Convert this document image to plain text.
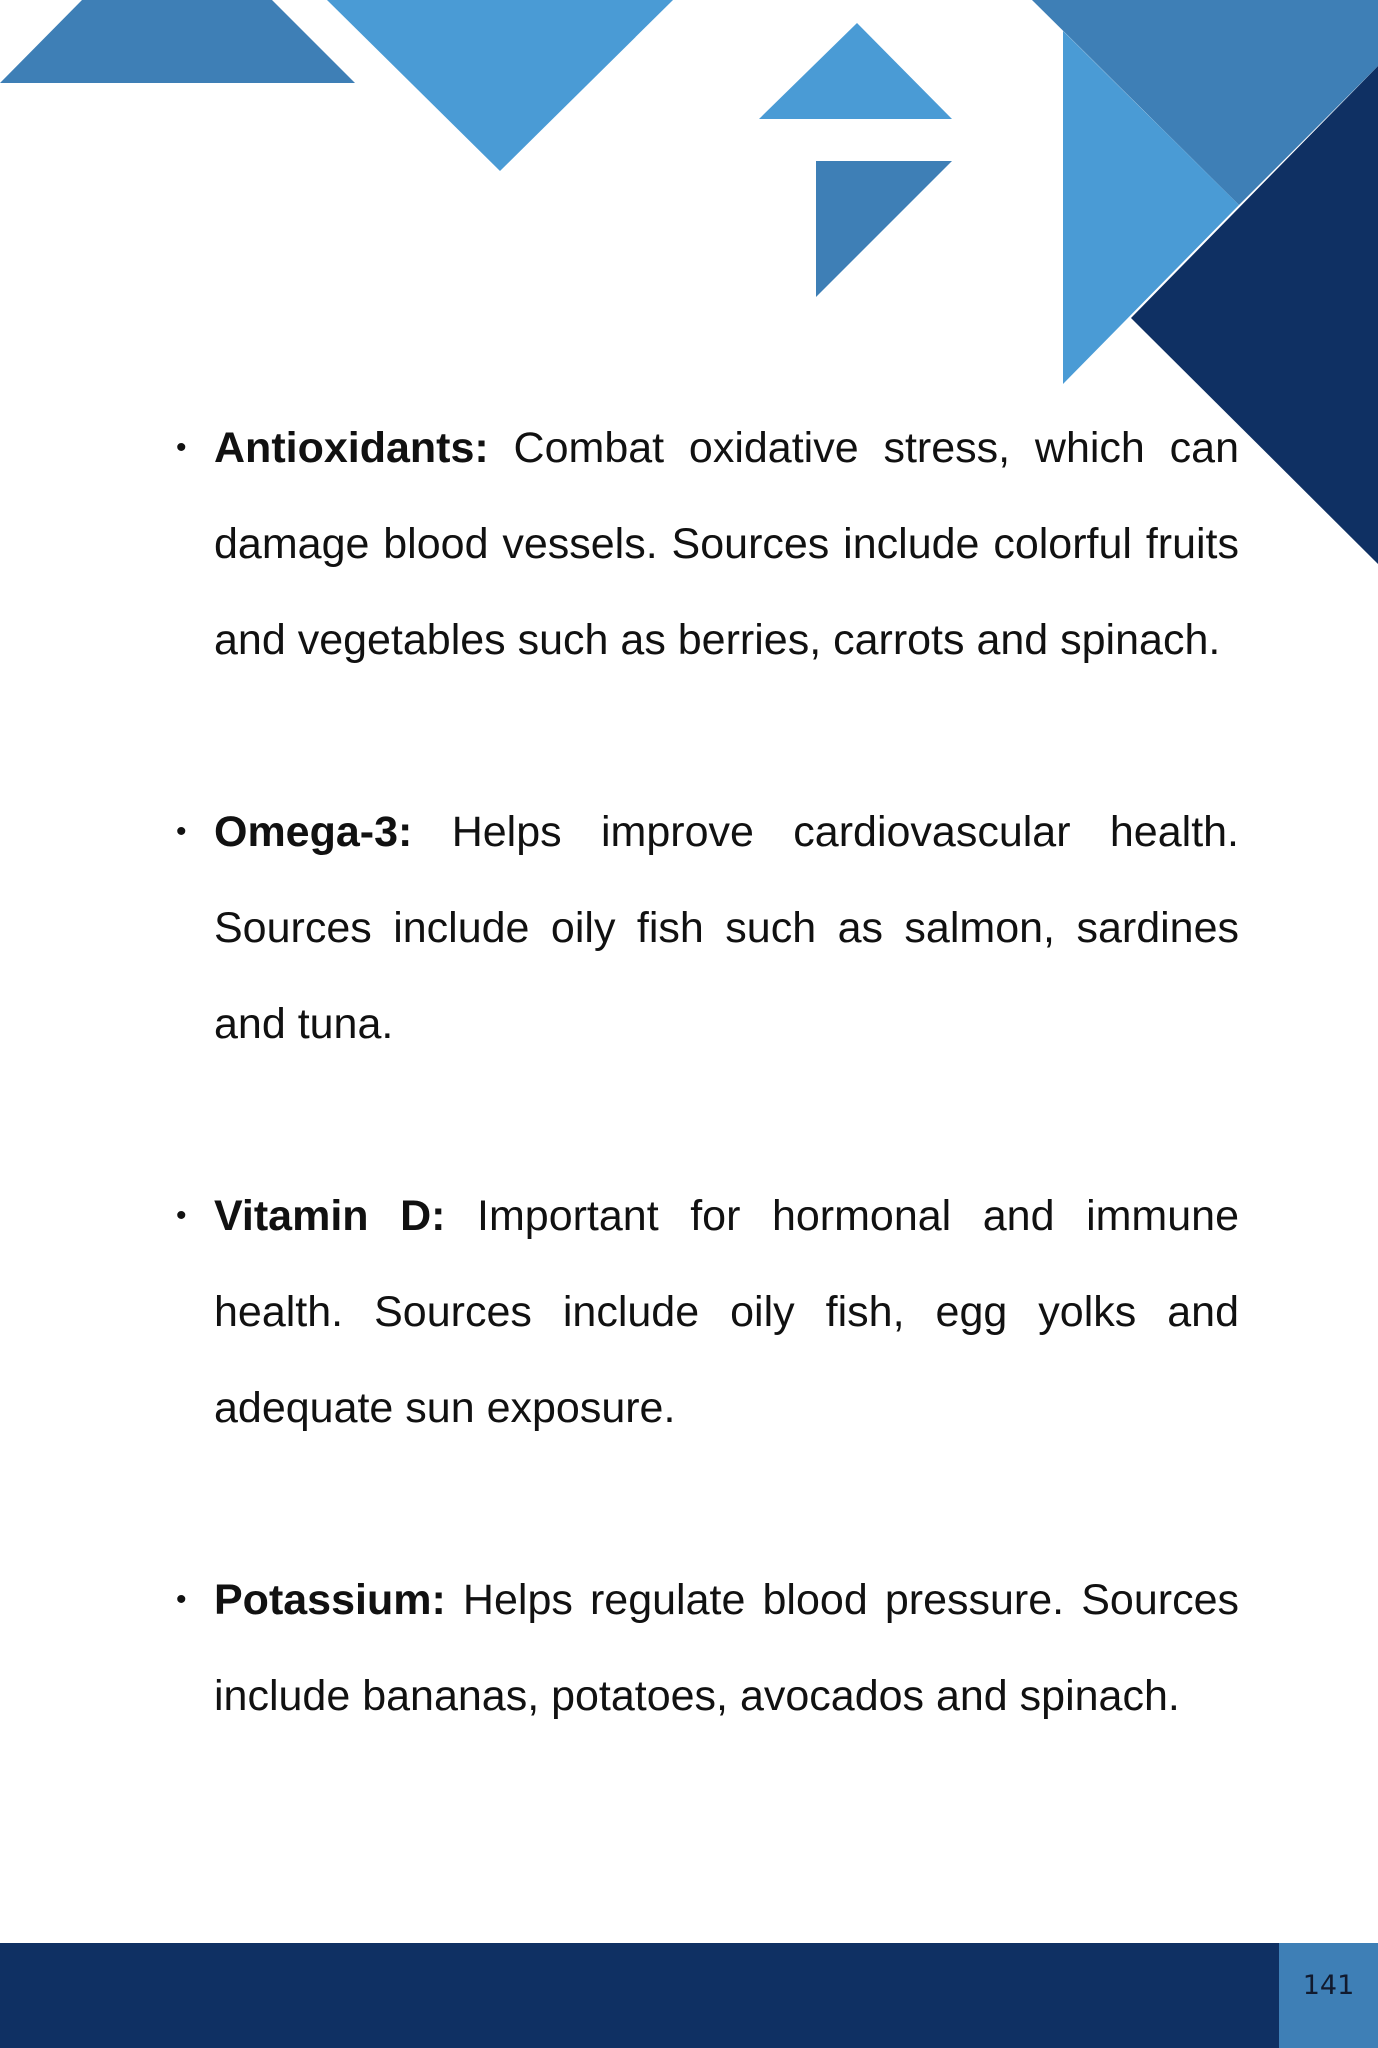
• Antioxidants: Combat oxidative stress, which can damage blood vessels. Sources include colorful fruits and vegetables such as berries, carrots and spinach.
• Omega-3: Helps improve cardiovascular health. Sources include oily fish such as salmon, sardines and tuna.
• Vitamin D: Important for hormonal and immune health. Sources include oily fish, egg yolks and adequate sun exposure.
• Potassium: Helps regulate blood pressure. Sources include bananas, potatoes, avocados and spinach.
141
